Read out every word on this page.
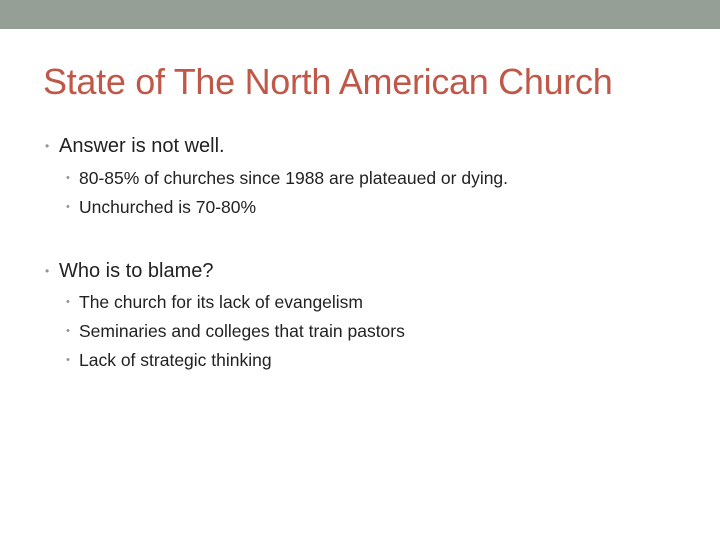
State of The North American Church
• Answer is not well.
• 80-85% of churches since 1988 are plateaued or dying.
• Unchurched is 70-80%
• Who is to blame?
• The church for its lack of evangelism
• Seminaries and colleges that train pastors
• Lack of strategic thinking
